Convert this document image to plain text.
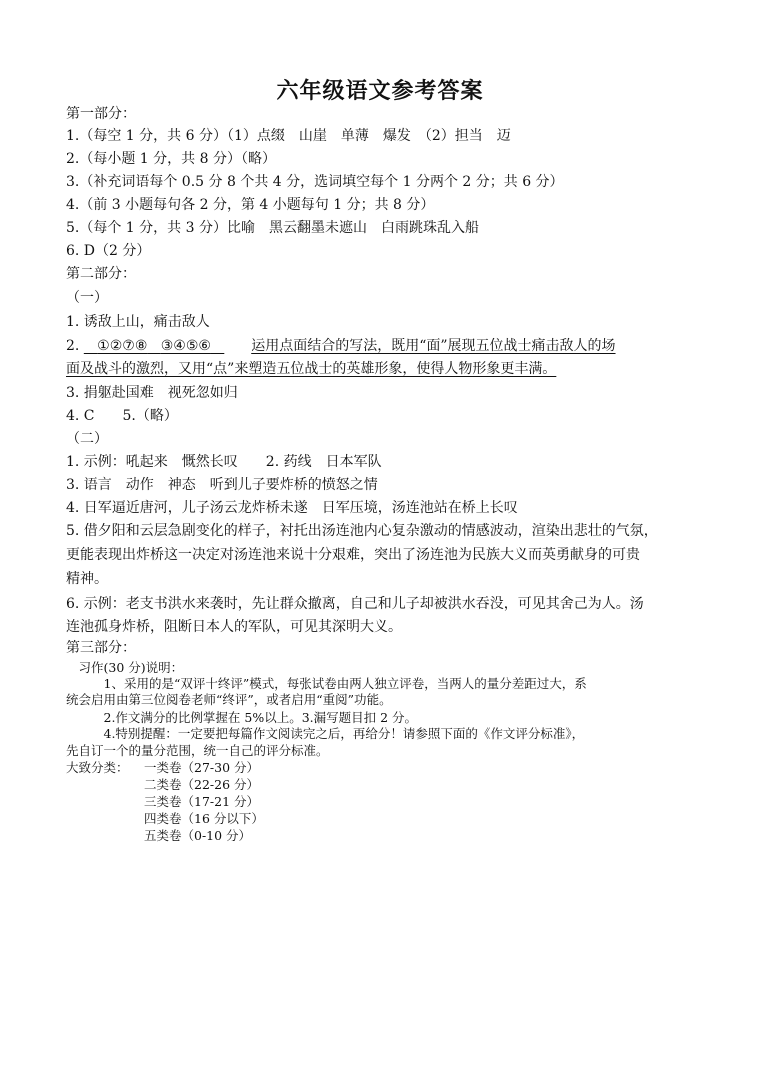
六年级语文参考答案
第一部分：
1.（每空 1 分，共 6 分）（1）点缀　山崖　单薄　爆发　（2）担当　迈
2.（每小题 1 分，共 8 分）（略）
3.（补充词语每个 0.5 分 8 个共 4 分，选词填空每个 1 分两个 2 分；共 6 分）
4.（前 3 小题每句各 2 分，第 4 小题每句 1 分；共 8 分）
5.（每个 1 分，共 3 分）比喻　黑云翻墨未遮山　白雨跳珠乱入船
6. D（2 分）
第二部分：
（一）
1. 诱敌上山，痛击敌人
2. ①②⑦⑧ ③④⑤⑥	运用点面结合的写法，既用“面”展现五位战士痛击敌人的场
面及战斗的激烈，又用“点”来塑造五位战士的英雄形象，使得人物形象更丰满。
3. 捐躯赴国难　视死忽如归
4. C　　5.（略）
（二）
1. 示例：吼起来　慨然长叹　　2. 药线　日本军队
3. 语言　动作　神态　听到儿子要炸桥的愤怒之情
4. 日军逼近唐河，儿子汤云龙炸桥未遂　日军压境，汤连池站在桥上长叹
5. 借夕阳和云层急剧变化的样子，衬托出汤连池内心复杂激动的情感波动，渲染出悲壮的气氛，
更能表现出炸桥这一决定对汤连池来说十分艰难，突出了汤连池为民族大义而英勇献身的可贵
精神。
6. 示例：老支书洪水来袭时，先让群众撤离，自己和儿子却被洪水吞没，可见其舍己为人。汤
连池孤身炸桥，阻断日本人的军队，可见其深明大义。
第三部分：
　习作(30 分)说明：
　　　1、采用的是“双评十终评”模式，每张试卷由两人独立评卷，当两人的量分差距过大，系
统会启用由第三位阅卷老师“终评”，或者启用“重阅”功能。
　　　2.作文满分的比例掌握在 5%以上。3.漏写题目扣 2 分。
　　　4.特别提醒：一定要把每篇作文阅读完之后，再给分！请参照下面的《作文评分标准》，
先自订一个的量分范围，统一自己的评分标准。
大致分类： 一类卷（27-30 分）
二类卷（22-26 分）
三类卷（17-21 分）
四类卷（16 分以下）
五类卷（0-10 分）
